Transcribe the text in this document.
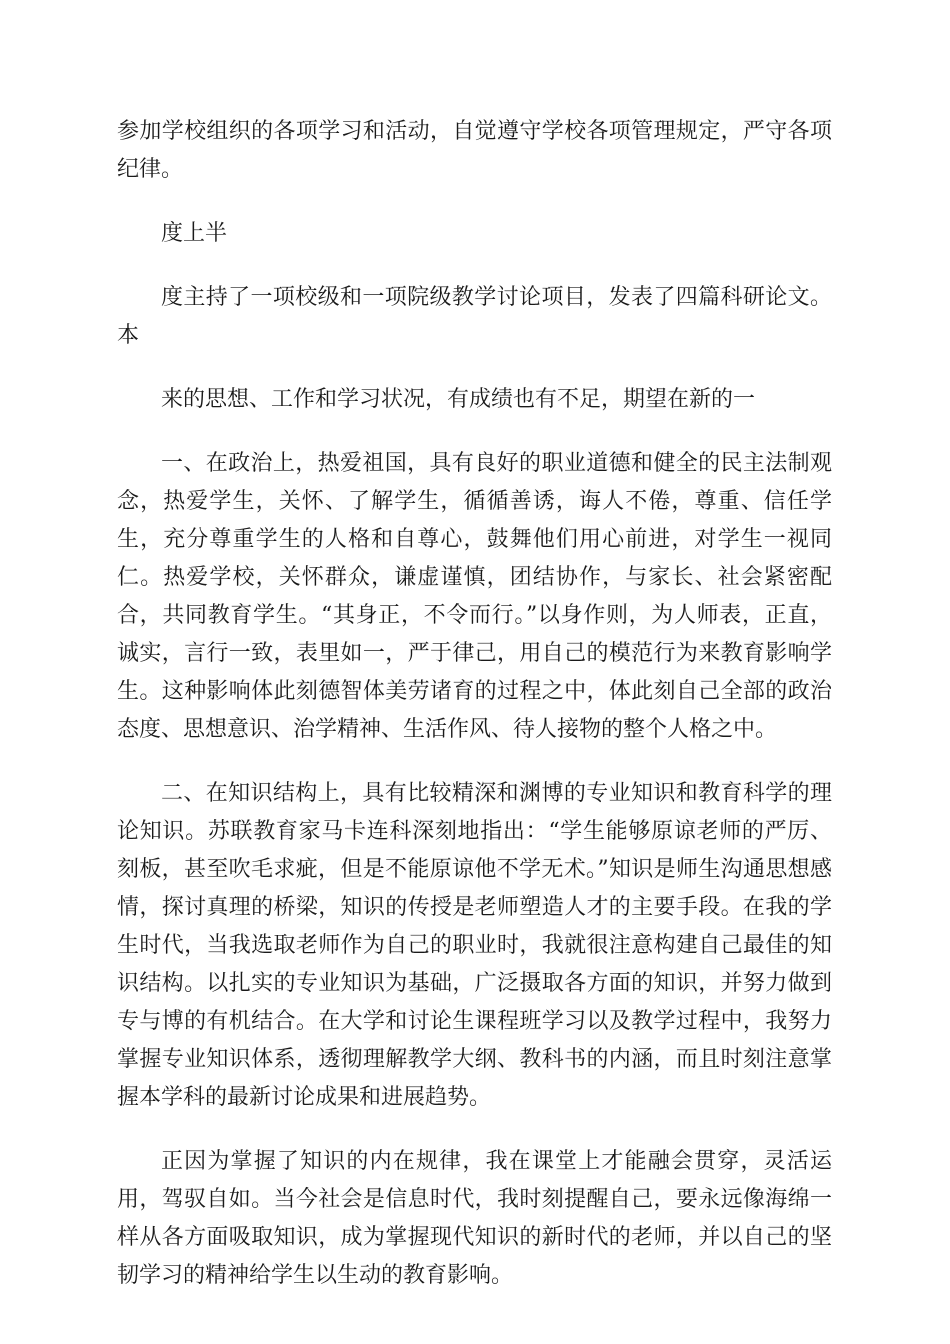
参加学校组织的各项学习和活动，自觉遵守学校各项管理规定，严守各项纪律。

度上半

度主持了一项校级和一项院级教学讨论项目，发表了四篇科研论文。本

来的思想、工作和学习状况，有成绩也有不足，期望在新的一

一、在政治上，热爱祖国，具有良好的职业道德和健全的民主法制观念，热爱学生，关怀、了解学生，循循善诱，诲人不倦，尊重、信任学生，充分尊重学生的人格和自尊心，鼓舞他们用心前进，对学生一视同仁。热爱学校，关怀群众，谦虚谨慎，团结协作，与家长、社会紧密配合，共同教育学生。“其身正，不令而行。”以身作则，为人师表，正直，诚实，言行一致，表里如一，严于律己，用自己的模范行为来教育影响学生。这种影响体此刻德智体美劳诸育的过程之中，体此刻自己全部的政治态度、思想意识、治学精神、生活作风、待人接物的整个人格之中。

二、在知识结构上，具有比较精深和渊博的专业知识和教育科学的理论知识。苏联教育家马卡连科深刻地指出：“学生能够原谅老师的严厉、刻板，甚至吹毛求疵，但是不能原谅他不学无术。”知识是师生沟通思想感情，探讨真理的桥梁，知识的传授是老师塑造人才的主要手段。在我的学生时代，当我选取老师作为自己的职业时，我就很注意构建自己最佳的知识结构。以扎实的专业知识为基础，广泛摄取各方面的知识，并努力做到专与博的有机结合。在大学和讨论生课程班学习以及教学过程中，我努力掌握专业知识体系，透彻理解教学大纲、教科书的内涵，而且时刻注意掌握本学科的最新讨论成果和进展趋势。

正因为掌握了知识的内在规律，我在课堂上才能融会贯穿，灵活运用，驾驭自如。当今社会是信息时代，我时刻提醒自己，要永远像海绵一样从各方面吸取知识，成为掌握现代知识的新时代的老师，并以自己的坚韧学习的精神给学生以生动的教育影响。
